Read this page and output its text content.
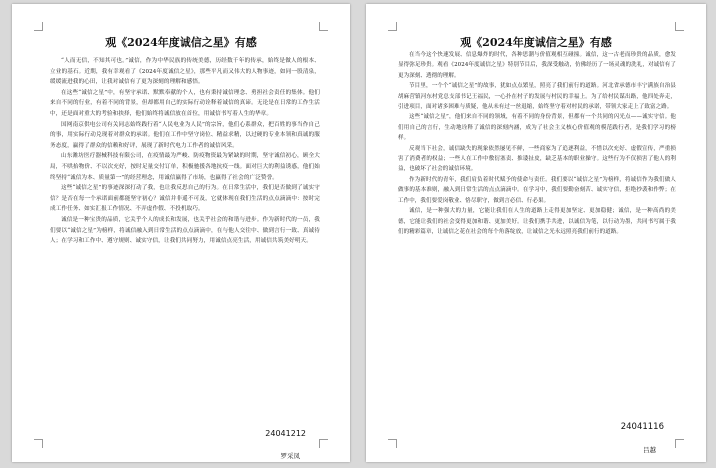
观《2024年度诚信之星》有感

“人而无信，不知其可也。”诚信，作为中华民族的传统美德，历经数千年的传承，始终是做人的根本、立业的基石。近期，我有幸观看了《2024年度诚信之星》，那些平凡而又伟大的人物事迹，如同一股清泉，缓缓流进我的心田，让我对诚信有了更为深刻的理解和感悟。

在这些“诚信之星”中，有坚守承诺、默默奉献的个人，也有秉持诚信理念、勇担社会责任的集体。他们来自不同的行业，有着不同的背景，但却都用自己的实际行动诠释着诚信的真谛。无论是在日常的工作生活中，还是面对重大的考验和抉择，他们始终将诚信放在首位，用诚信书写着人生的华章。

国网南京供电公司有关同志始终践行着“人民电业为人民”的宗旨，他们心系群众，把百姓的事当作自己的事，用实际行动兑现着对群众的承诺。他们在工作中坚守岗位、精益求精，以过硬的专业本领和真诚的服务态度，赢得了群众的信赖和好评，展现了新时代电力工作者的诚信风采。

山东潍坊医疗器械科技有限公司，在疫情最为严峻、防疫物资最为紧缺的时期，坚守诚信初心，顾全大局，不哄抬物价、不以次充好，按时足量交付订单，积极驰援各地抗疫一线。面对巨大的利益诱惑，他们始终坚持“诚信为本、质量第一”的经营理念，用诚信赢得了市场，也赢得了社会的广泛赞誉。

这些“诚信之星”的事迹深深打动了我，也让我反思自己的行为。在日常生活中，我们是否做到了诚实守信？是否在每一个承诺面前都能坚守初心？诚信并非遥不可及，它就体现在我们生活的点点滴滴中：按时完成工作任务、如实汇报工作情况、不弄虚作假、不投机取巧。

诚信是一种宝贵的品质，它关乎个人的成长和发展，也关乎社会的和谐与进步。作为新时代的一员，我们要以“诚信之星”为榜样，将诚信融入到日常生活的点点滴滴中，在与他人交往中、做到言行一致、真诚待人；在学习和工作中、遵守规则、诚实守信，让我们共同努力，用诚信点亮生活，用诚信共筑美好明天。

24041212
罗采凤
观《2024年度诚信之星》有感

在当今这个快速发展、信息爆炸的时代，各种思潮与价值观相互碰撞。诚信，这一古老而珍贵的品质，愈发显得弥足珍贵。观看《2024年度诚信之星》特别节目后，我深受触动，仿佛经历了一场灵魂的洗礼，对诚信有了更为深刻、透彻的理解。

节目里，一个个“诚信之星”的故事，犹如点点繁星，照亮了我们前行的道路。河北省承德市丰宁满族自治县胡麻营镇河东村党总支部书记王福民，一心扑在村子的发展与村民的幸福上。为了给村民谋出路，他四处奔走，引进项目，面对诸多困难与质疑，他从未有过一丝退缩，始终坚守着对村民的承诺，带领大家走上了致富之路。

这些“诚信之星”，他们来自不同的领域，有着不同的身份背景，但都有一个共同的闪光点——诚实守信。他们用自己的言行，生动地诠释了诚信的深刻内涵，成为了社会主义核心价值观的模范践行者，是我们学习的榜样。

反观当下社会，诚信缺失的现象依然屡见不鲜，一些商家为了追逐利益，不惜以次充好、虚假宣传，严重损害了消费者的权益；一些人在工作中敷衍塞责、推诿扯皮，缺乏基本的职业操守。这些行为不仅损害了他人的利益，也破坏了社会的诚信环境。

作为新时代的青年，我们肩负着时代赋予的使命与责任。我们要以“诚信之星”为榜样，将诚信作为我们做人做事的基本准则，融入到日常生活的点点滴滴中。在学习中，我们要勤奋刻苦、诚实守信，拒绝抄袭和作弊；在工作中，我们要爱岗敬业、恪尽职守，做到言必信、行必果。

诚信，是一种强大的力量，它能让我们在人生的道路上走得更加坚定、更加稳健；诚信，是一种高尚的美德，它能让我们的社会变得更加和谐、更加美好。让我们携手共进，以诚信为笔，以行动为墨，共同书写属于我们的精彩篇章，让诚信之花在社会的每个角落绽放，让诚信之光永远照亮我们前行的道路。

24041116
吕越
